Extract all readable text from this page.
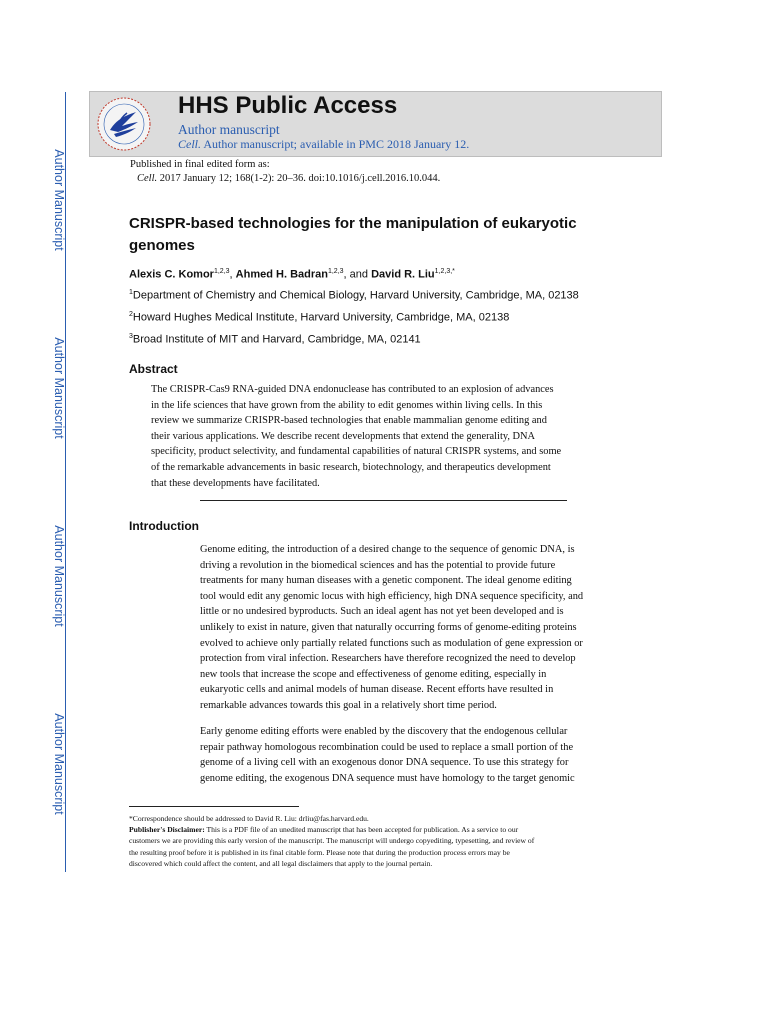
Author Manuscript
Author Manuscript
Author Manuscript
Author Manuscript
HHS Public Access
Author manuscript
Cell. Author manuscript; available in PMC 2018 January 12.
Published in final edited form as:
Cell. 2017 January 12; 168(1-2): 20–36. doi:10.1016/j.cell.2016.10.044.
CRISPR-based technologies for the manipulation of eukaryotic
genomes
Alexis C. Komor$^{1,2,3}$, Ahmed H. Badran$^{1,2,3}$, and David R. Liu$^{1,2,3,*}$
$^1$Department of Chemistry and Chemical Biology, Harvard University, Cambridge, MA, 02138
$^2$Howard Hughes Medical Institute, Harvard University, Cambridge, MA, 02138
$^3$Broad Institute of MIT and Harvard, Cambridge, MA, 02141
Abstract
The CRISPR-Cas9 RNA-guided DNA endonuclease has contributed to an explosion of advances
in the life sciences that have grown from the ability to edit genomes within living cells. In this
review we summarize CRISPR-based technologies that enable mammalian genome editing and
their various applications. We describe recent developments that extend the generality, DNA
specificity, product selectivity, and fundamental capabilities of natural CRISPR systems, and some
of the remarkable advancements in basic research, biotechnology, and therapeutics development
that these developments have facilitated.
Introduction
Genome editing, the introduction of a desired change to the sequence of genomic DNA, is
driving a revolution in the biomedical sciences and has the potential to provide future
treatments for many human diseases with a genetic component. The ideal genome editing
tool would edit any genomic locus with high efficiency, high DNA sequence specificity, and
little or no undesired byproducts. Such an ideal agent has not yet been developed and is
unlikely to exist in nature, given that naturally occurring forms of genome-editing proteins
evolved to achieve only partially related functions such as modulation of gene expression or
protection from viral infection. Researchers have therefore recognized the need to develop
new tools that increase the scope and effectiveness of genome editing, especially in
eukaryotic cells and animal models of human disease. Recent efforts have resulted in
remarkable advances towards this goal in a relatively short time period.
Early genome editing efforts were enabled by the discovery that the endogenous cellular
repair pathway homologous recombination could be used to replace a small portion of the
genome of a living cell with an exogenous donor DNA sequence. To use this strategy for
genome editing, the exogenous DNA sequence must have homology to the target genomic
*Correspondence should be addressed to David R. Liu: drliu@fas.harvard.edu.
Publisher's Disclaimer: This is a PDF file of an unedited manuscript that has been accepted for publication. As a service to our
customers we are providing this early version of the manuscript. The manuscript will undergo copyediting, typesetting, and review of
the resulting proof before it is published in its final citable form. Please note that during the production process errors may be
discovered which could affect the content, and all legal disclaimers that apply to the journal pertain.
